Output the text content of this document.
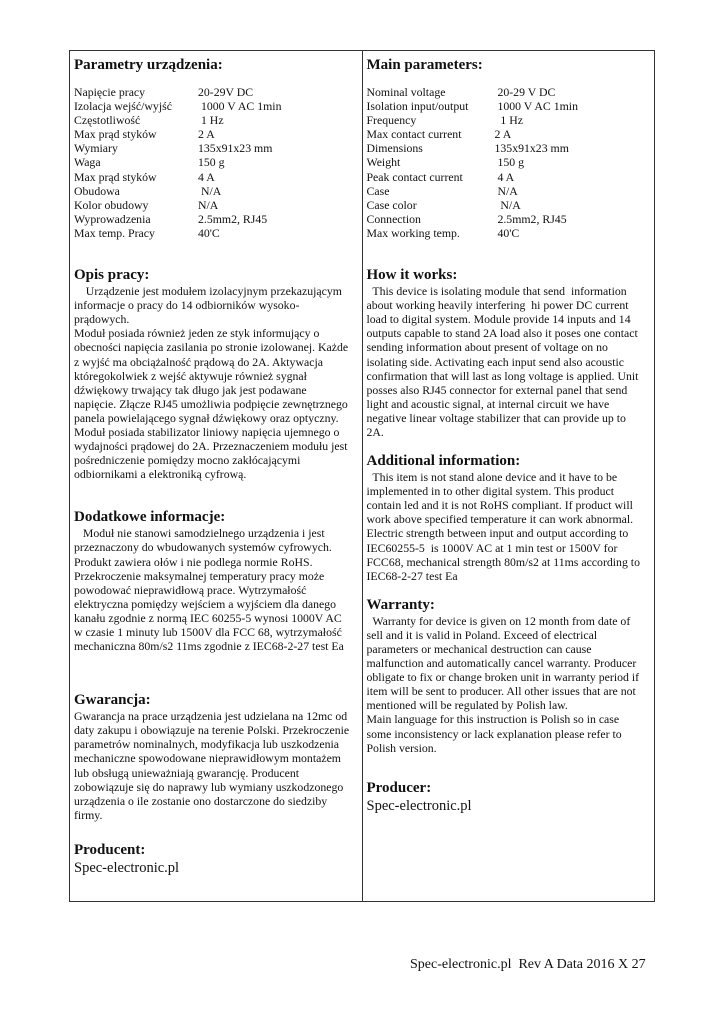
Parametry urządzenia:
Napięcie pracy	20-29V DC
Izolacja wejść/wyjść	1000 V AC 1min
Częstotliwość	1 Hz
Max prąd styków	2 A
Wymiary	135x91x23 mm
Waga	150 g
Max prąd styków	4 A
Obudowa	N/A
Kolor obudowy	N/A
Wyprowadzenia	2.5mm2, RJ45
Max temp. Pracy	40'C
Opis pracy:

Urządzenie jest modułem izolacyjnym przekazującym
informacje o pracy do 14 odbiorników wysoko-
prądowych.
Moduł posiada również jeden ze styk informujący o
obecności napięcia zasilania po stronie izolowanej. Każde
z wyjść ma obciążalność prądową do 2A. Aktywacja
któregokolwiek z wejść aktywuje również sygnał
dźwiękowy trwający tak długo jak jest podawane
napięcie. Złącze RJ45 umożliwia podpięcie zewnętrznego
panela powielającego sygnał dźwiękowy oraz optyczny.
Moduł posiada stabilizator liniowy napięcia ujemnego o
wydajności prądowej do 2A. Przeznaczeniem modułu jest
pośredniczenie pomiędzy mocno zakłócającymi
odbiornikami a elektroniką cyfrową.

Dodatkowe informacje:

Moduł nie stanowi samodzielnego urządzenia i jest
przeznaczony do wbudowanych systemów cyfrowych.
Produkt zawiera ołów i nie podlega normie RoHS.
Przekroczenie maksymalnej temperatury pracy może
powodować nieprawidłową prace. Wytrzymałość
elektryczna pomiędzy wejściem a wyjściem dla danego
kanału zgodnie z normą IEC 60255-5 wynosi 1000V AC
w czasie 1 minuty lub 1500V dla FCC 68, wytrzymałość
mechaniczna 80m/s2 11ms zgodnie z IEC68-2-27 test Ea

Gwarancja:

Gwarancja na prace urządzenia jest udzielana na 12mc od
daty zakupu i obowiązuje na terenie Polski. Przekroczenie
parametrów nominalnych, modyfikacja lub uszkodzenia
mechaniczne spowodowane nieprawidłowym montażem
lub obsługą unieważniają gwarancję. Producent
zobowiązuje się do naprawy lub wymiany uszkodzonego
urządzenia o ile zostanie ono dostarczone do siedziby
firmy.

Producent:

Spec-electronic.pl

Main parameters:
Nominal voltage	20-29 V DC
Isolation input/output	1000 V AC 1min
Frequency	1 Hz
Max contact current	2 A
Dimensions	135x91x23 mm
Weight	150 g
Peak contact current	4 A
Case	N/A
Case color	N/A
Connection	2.5mm2, RJ45
Max working temp.	40'C
How it works:

This device is isolating module that send  information
about working heavily interfering  hi power DC current
load to digital system. Module provide 14 inputs and 14
outputs capable to stand 2A load also it poses one contact
sending information about present of voltage on no
isolating side. Activating each input send also acoustic
confirmation that will last as long voltage is applied. Unit
posses also RJ45 connector for external panel that send
light and acoustic signal, at internal circuit we have
negative linear voltage stabilizer that can provide up to
2A.

Additional information:

This item is not stand alone device and it have to be
implemented in to other digital system. This product
contain led and it is not RoHS compliant. If product will
work above specified temperature it can work abnormal.
Electric strength between input and output according to
IEC60255-5  is 1000V AC at 1 min test or 1500V for
FCC68, mechanical strength 80m/s2 at 11ms according to
IEC68-2-27 test Ea

Warranty:

Warranty for device is given on 12 month from date of
sell and it is valid in Poland. Exceed of electrical
parameters or mechanical destruction can cause
malfunction and automatically cancel warranty. Producer
obligate to fix or change broken unit in warranty period if
item will be sent to producer. All other issues that are not
mentioned will be regulated by Polish law.
Main language for this instruction is Polish so in case
some inconsistency or lack explanation please refer to
Polish version.

Producer:

Spec-electronic.pl

Spec-electronic.pl  Rev A Data 2016 X 27
